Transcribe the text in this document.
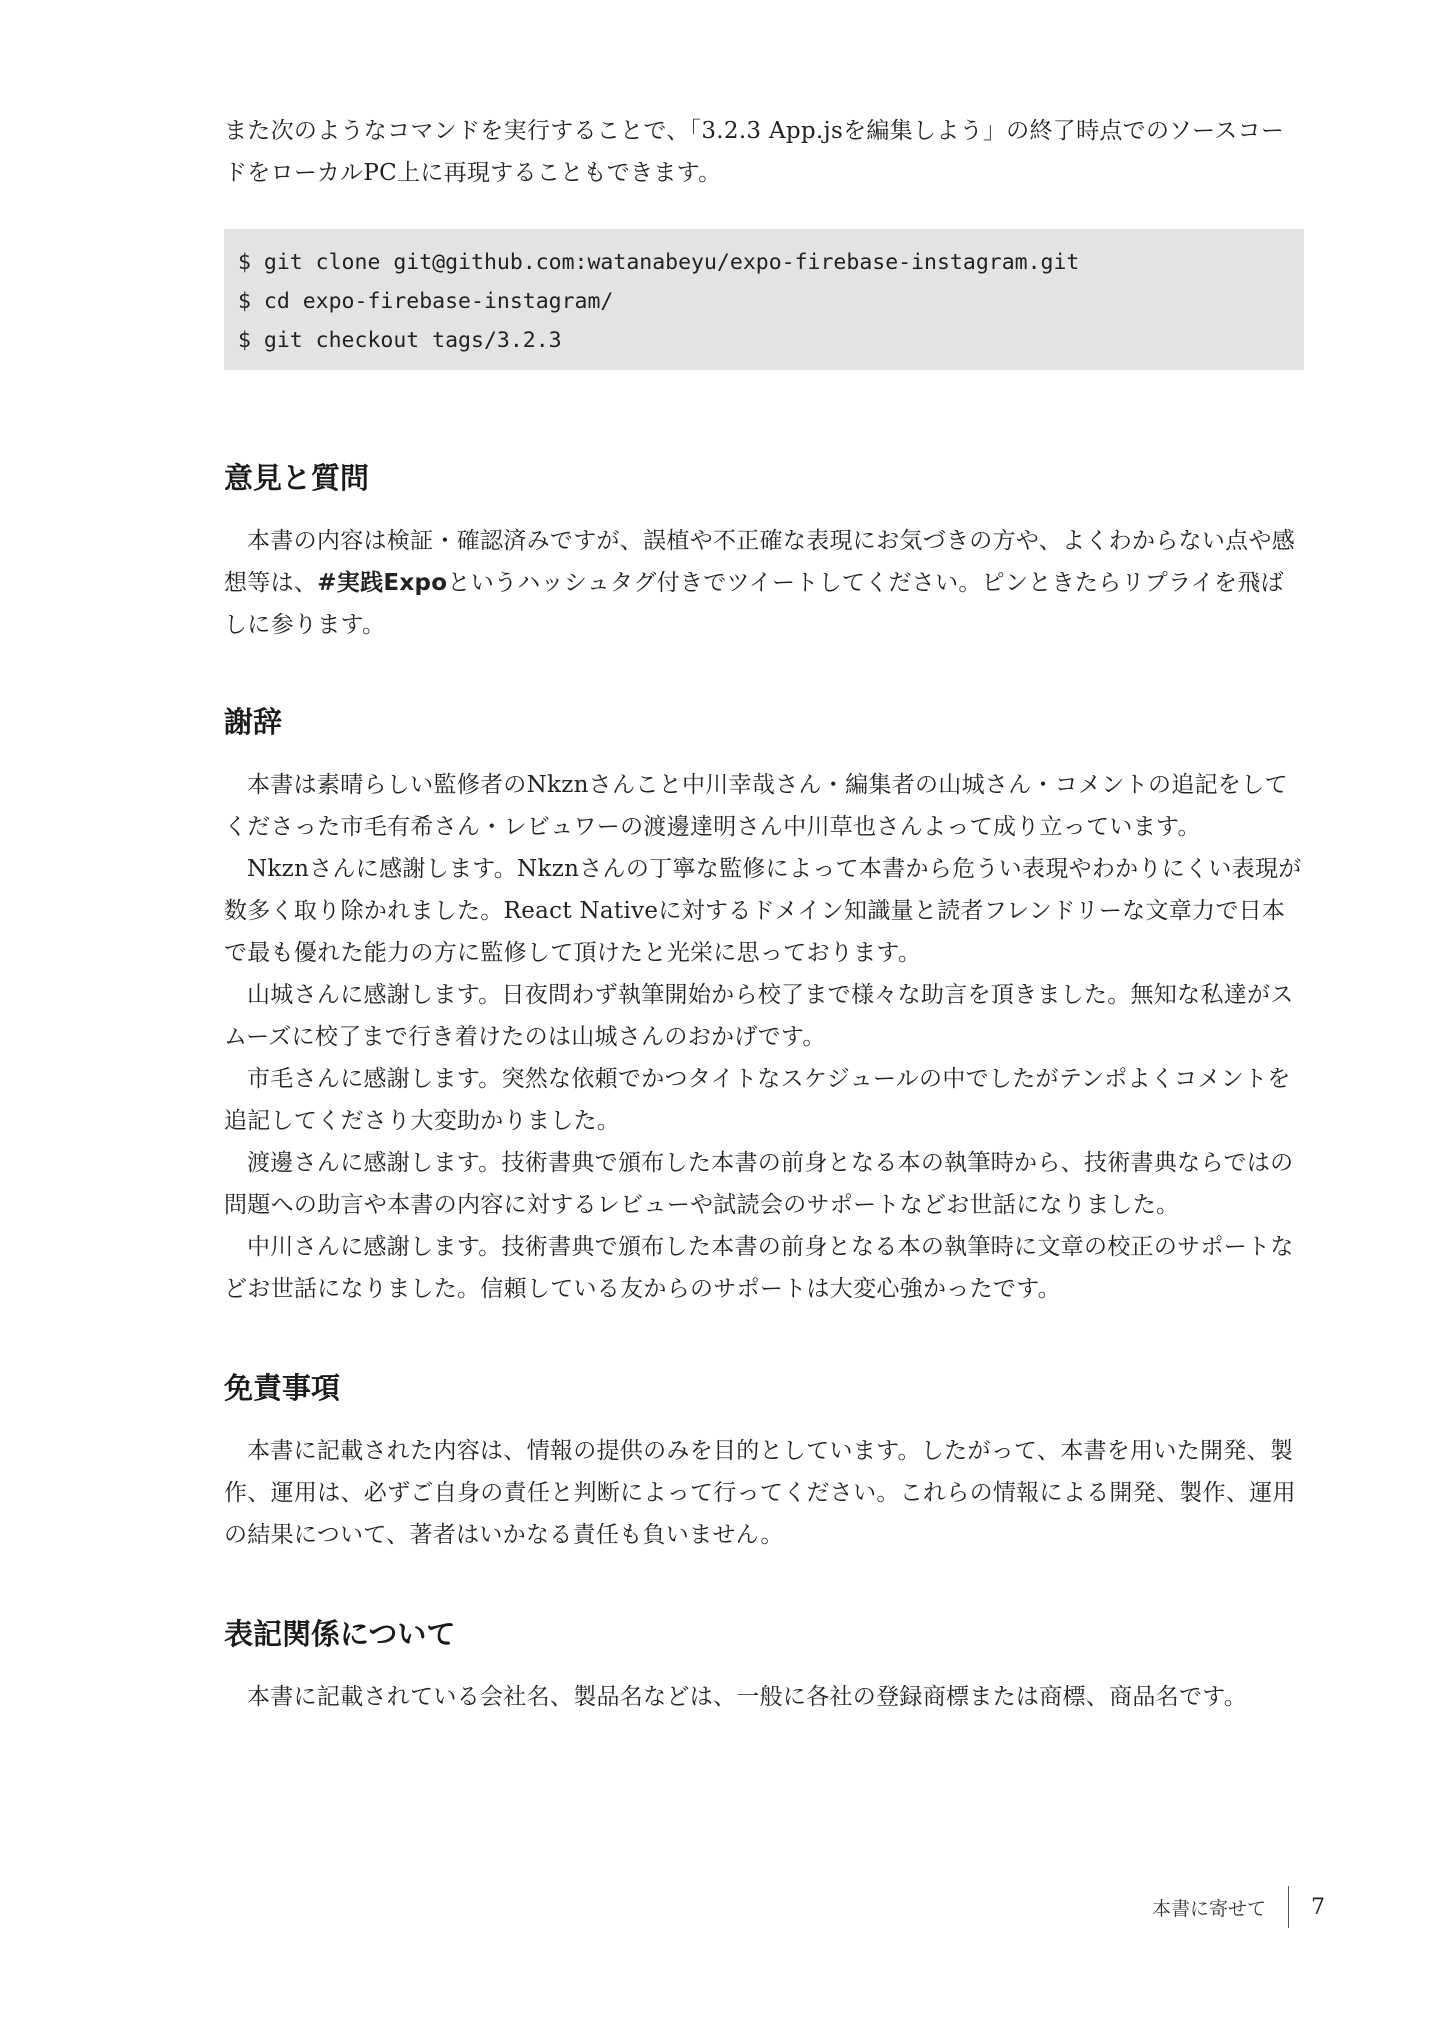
また次のようなコマンドを実行することで、「3.2.3 App.jsを編集しよう」の終了時点でのソースコードをローカルPC上に再現することもできます。

$ git clone git@github.com:watanabeyu/expo-firebase-instagram.git
$ cd expo-firebase-instagram/
$ git checkout tags/3.2.3
意見と質問

本書の内容は検証・確認済みですが、誤植や不正確な表現にお気づきの方や、よくわからない点や感想等は、#実践Expoというハッシュタグ付きでツイートしてください。ピンときたらリプライを飛ばしに参ります。

謝辞

本書は素晴らしい監修者のNkznさんこと中川幸哉さん・編集者の山城さん・コメントの追記をしてくださった市毛有希さん・レビュワーの渡邊達明さん中川草也さんよって成り立っています。

Nkznさんに感謝します。Nkznさんの丁寧な監修によって本書から危うい表現やわかりにくい表現が数多く取り除かれました。React Nativeに対するドメイン知識量と読者フレンドリーな文章力で日本で最も優れた能力の方に監修して頂けたと光栄に思っております。

山城さんに感謝します。日夜問わず執筆開始から校了まで様々な助言を頂きました。無知な私達がスムーズに校了まで行き着けたのは山城さんのおかげです。

市毛さんに感謝します。突然な依頼でかつタイトなスケジュールの中でしたがテンポよくコメントを追記してくださり大変助かりました。

渡邊さんに感謝します。技術書典で頒布した本書の前身となる本の執筆時から、技術書典ならではの問題への助言や本書の内容に対するレビューや試読会のサポートなどお世話になりました。

中川さんに感謝します。技術書典で頒布した本書の前身となる本の執筆時に文章の校正のサポートなどお世話になりました。信頼している友からのサポートは大変心強かったです。

免責事項

本書に記載された内容は、情報の提供のみを目的としています。したがって、本書を用いた開発、製作、運用は、必ずご自身の責任と判断によって行ってください。これらの情報による開発、製作、運用の結果について、著者はいかなる責任も負いません。

表記関係について

本書に記載されている会社名、製品名などは、一般に各社の登録商標または商標、商品名です。

本書に寄せて 7
